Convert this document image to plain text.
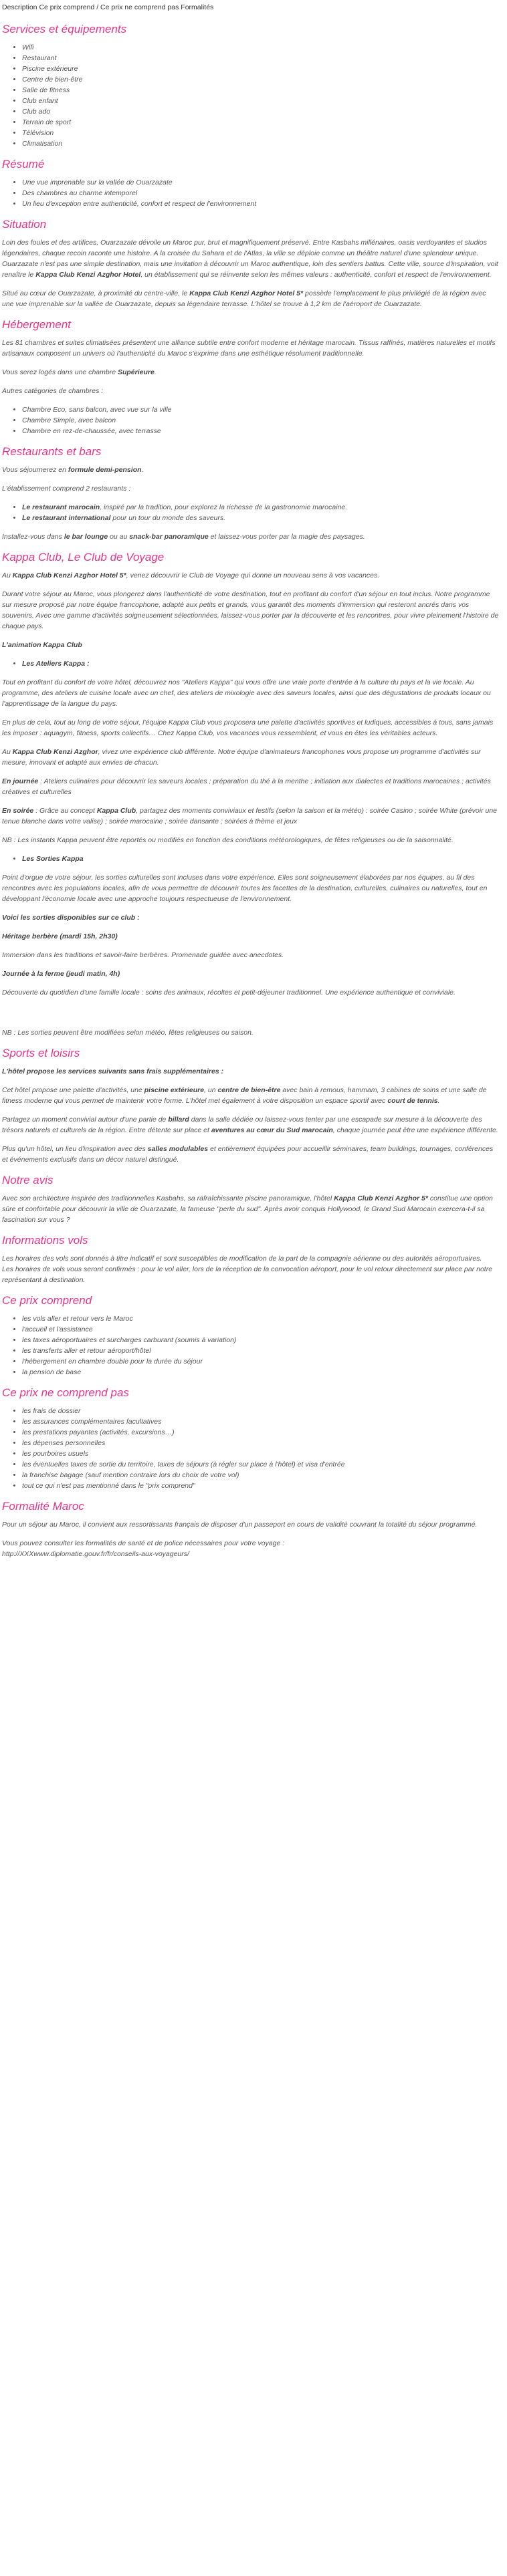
Description Ce prix comprend / Ce prix ne comprend pas Formalités
Services et équipements
• Wifi
• Restaurant
• Piscine extérieure
• Centre de bien-être
• Salle de fitness
• Club enfant
• Club ado
• Terrain de sport
• Télévision
• Climatisation
Résumé
• Une vue imprenable sur la vallée de Ouarzazate
• Des chambres au charme intemporel
• Un lieu d'exception entre authenticité, confort et respect de l'environnement
Situation

Loin des foules et des artifices, Ouarzazate dévoile un Maroc pur, brut et magnifiquement préservé. Entre Kasbahs millénaires, oasis verdoyantes et studios légendaires, chaque recoin raconte une histoire. A la croisée du Sahara et de l'Atlas, la ville se déploie comme un théâtre naturel d'une splendeur unique. Ouarzazate n'est pas une simple destination, mais une invitation à découvrir un Maroc authentique, loin des sentiers battus. Cette ville, source d'inspiration, voit renaître le Kappa Club Kenzi Azghor Hotel, un établissement qui se réinvente selon les mêmes valeurs : authenticité, confort et respect de l'environnement.

Situé au cœur de Ouarzazate, à proximité du centre-ville, le Kappa Club Kenzi Azghor Hotel 5* possède l'emplacement le plus privilégié de la région avec une vue imprenable sur la vallée de Ouarzazate, depuis sa légendaire terrasse. L'hôtel se trouve à 1,2 km de l'aéroport de Ouarzazate.

Hébergement

Les 81 chambres et suites climatisées présentent une alliance subtile entre confort moderne et héritage marocain. Tissus raffinés, matières naturelles et motifs artisanaux composent un univers où l'authenticité du Maroc s'exprime dans une esthétique résolument traditionnelle.

Vous serez logés dans une chambre Supérieure.

Autres catégories de chambres :

• Chambre Eco, sans balcon, avec vue sur la ville
• Chambre Simple, avec balcon
• Chambre en rez-de-chaussée, avec terrasse
Restaurants et bars

Vous séjournerez en formule demi-pension.

L'établissement comprend 2 restaurants :

• Le restaurant marocain, inspiré par la tradition, pour explorez la richesse de la gastronomie marocaine.
• Le restaurant international pour un tour du monde des saveurs.

Installez-vous dans le bar lounge ou au snack-bar panoramique et laissez-vous porter par la magie des paysages.

Kappa Club, Le Club de Voyage

Au Kappa Club Kenzi Azghor Hotel 5*, venez découvrir le Club de Voyage qui donne un nouveau sens à vos vacances.

Durant votre séjour au Maroc, vous plongerez dans l'authenticité de votre destination, tout en profitant du confort d'un séjour en tout inclus. Notre programme sur mesure proposé par notre équipe francophone, adapté aux petits et grands, vous garantit des moments d'immersion qui resteront ancrés dans vos souvenirs. Avec une gamme d'activités soigneusement sélectionnées, laissez-vous porter par la découverte et les rencontres, pour vivre pleinement l'histoire de chaque pays.

L'animation Kappa Club

• Les Ateliers Kappa :

Tout en profitant du confort de votre hôtel, découvrez nos "Ateliers Kappa" qui vous offre une vraie porte d'entrée à la culture du pays et la vie locale. Au programme, des ateliers de cuisine locale avec un chef, des ateliers de mixologie avec des saveurs locales, ainsi que des dégustations de produits locaux ou l'apprentissage de la langue du pays.

En plus de cela, tout au long de votre séjour, l'équipe Kappa Club vous proposera une palette d'activités sportives et ludiques, accessibles à tous, sans jamais les imposer : aquagym, fitness, sports collectifs… Chez Kappa Club, vos vacances vous ressemblent, et vous en êtes les véritables acteurs.

Au Kappa Club Kenzi Azghor, vivez une expérience club différente. Notre équipe d'animateurs francophones vous propose un programme d'activités sur mesure, innovant et adapté aux envies de chacun.

En journée : Ateliers culinaires pour découvrir les saveurs locales ; préparation du thé à la menthe ; initiation aux dialectes et traditions marocaines ; activités créatives et culturelles

En soirée : Grâce au concept Kappa Club, partagez des moments conviviaux et festifs (selon la saison et la météo) : soirée Casino ; soirée White (prévoir une tenue blanche dans votre valise) ; soirée marocaine ; soirée dansante ; soirées à thème et jeux

NB : Les instants Kappa peuvent être reportés ou modifiés en fonction des conditions météorologiques, de fêtes religieuses ou de la saisonnalité.

• Les Sorties Kappa

Point d'orgue de votre séjour, les sorties culturelles sont incluses dans votre expérience. Elles sont soigneusement élaborées par nos équipes, au fil des rencontres avec les populations locales, afin de vous permettre de découvrir toutes les facettes de la destination, culturelles, culinaires ou naturelles, tout en développant l'économie locale avec une approche toujours respectueuse de l'environnement.

Voici les sorties disponibles sur ce club :

Héritage berbère (mardi 15h, 2h30)

Immersion dans les traditions et savoir-faire berbères. Promenade guidée avec anecdotes.

Journée à la ferme (jeudi matin, 4h)

Découverte du quotidien d'une famille locale : soins des animaux, récoltes et petit-déjeuner traditionnel. Une expérience authentique et conviviale.

NB : Les sorties peuvent être modifiées selon météo, fêtes religieuses ou saison.

Sports et loisirs

L'hôtel propose les services suivants sans frais supplémentaires :

Cet hôtel propose une palette d'activités, une piscine extérieure, un centre de bien-être avec bain à remous, hammam, 3 cabines de soins et une salle de fitness moderne qui vous permet de maintenir votre forme. L'hôtel met également à votre disposition un espace sportif avec court de tennis.

Partagez un moment convivial autour d'une partie de billard dans la salle dédiée ou laissez-vous tenter par une escapade sur mesure à la découverte des trésors naturels et culturels de la région. Entre détente sur place et aventures au cœur du Sud marocain, chaque journée peut être une expérience différente.

Plus qu'un hôtel, un lieu d'inspiration avec des salles modulables et entièrement équipées pour accueillir séminaires, team buildings, tournages, conférences et événements exclusifs dans un décor naturel distingué.

Notre avis

Avec son architecture inspirée des traditionnelles Kasbahs, sa rafraîchissante piscine panoramique, l'hôtel Kappa Club Kenzi Azghor 5* constitue une option sûre et confortable pour découvrir la ville de Ouarzazate, la fameuse "perle du sud". Après avoir conquis Hollywood, le Grand Sud Marocain exercera-t-il sa fascination sur vous ?

Informations vols

Les horaires des vols sont donnés à titre indicatif et sont susceptibles de modification de la part de la compagnie aérienne ou des autorités aéroportuaires.
Les horaires de vols vous seront confirmés : pour le vol aller, lors de la réception de la convocation aéroport, pour le vol retour directement sur place par notre représentant à destination.

Ce prix comprend
• les vols aller et retour vers le Maroc
• l'accueil et l'assistance
• les taxes aéroportuaires et surcharges carburant (soumis à variation)
• les transferts aller et retour aéroport/hôtel
• l'hébergement en chambre double pour la durée du séjour
• la pension de base
Ce prix ne comprend pas
• les frais de dossier
• les assurances complémentaires facultatives
• les prestations payantes (activités, excursions…)
• les dépenses personnelles
• les pourboires usuels
• les éventuelles taxes de sortie du territoire, taxes de séjours (à régler sur place à l'hôtel) et visa d'entrée
• la franchise bagage (sauf mention contraire lors du choix de votre vol)
• tout ce qui n'est pas mentionné dans le "prix comprend"
Formalité Maroc

Pour un séjour au Maroc, il convient aux ressortissants français de disposer d'un passeport en cours de validité couvrant la totalité du séjour programmé.

Vous pouvez consulter les formalités de santé et de police nécessaires pour votre voyage :
http://XXXwww.diplomatie.gouv.fr/fr/conseils-aux-voyageurs/
